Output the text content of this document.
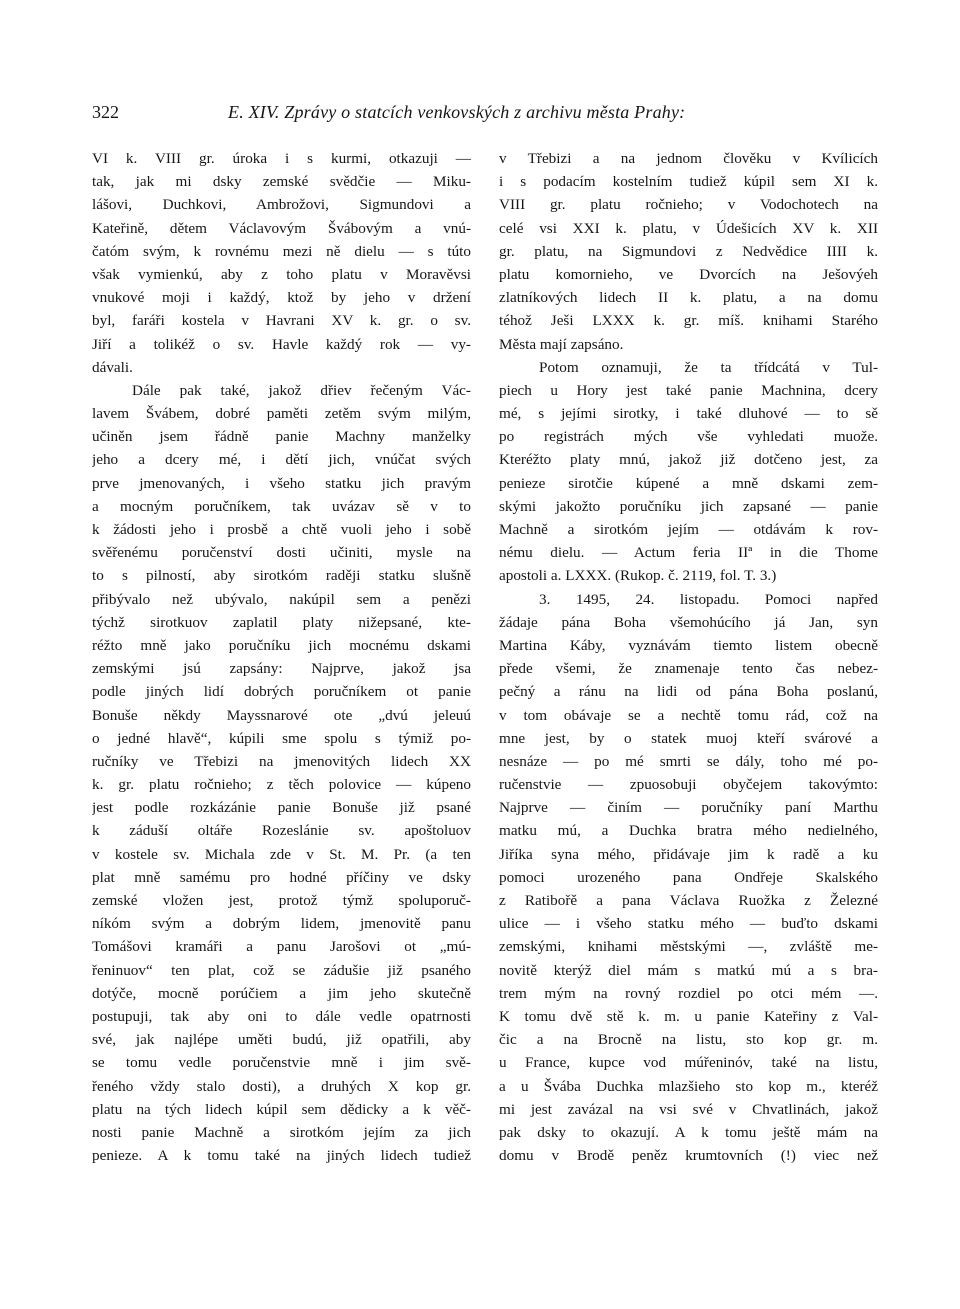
322	E. XIV. Zprávy o statcích venkovských z archivu města Prahy:
VI k. VIII gr. úroka i s kurmi, otkazuji —
tak, jak mi dsky zemské svědčie — Miku-
lášovi, Duchkovi, Ambrožovi, Sigmundovi a
Kateřině, dětem Václavovým Švábovým a vnú-
čatóm svým, k rovnému mezi ně dielu — s túto
však vymienkú, aby z toho platu v Moravěvsi
vnukové moji i každý, ktož by jeho v držení
byl, faráři kostela v Havrani XV k. gr. o sv.
Jiří a tolikéž o sv. Havle každý rok — vy-
dávali.
Dále pak také, jakož dřiev řečeným Vác-
lavem Švábem, dobré paměti zetěm svým milým,
učiněn jsem řádně panie Machny manželky
jeho a dcery mé, i dětí jich, vnúčat svých
prve jmenovaných, i všeho statku jich pravým
a mocným poručníkem, tak uvázav sě v to
k žádosti jeho i prosbě a chtě vuoli jeho i sobě
svěřenému poručenství dosti učiniti, mysle na
to s pilností, aby sirotkóm raději statku slušně
přibývalo než ubývalo, nakúpil sem a penězi
týchž sirotkuov zaplatil platy nižepsané, kte-
réžto mně jako poručníku jich mocnému dskami
zemskými jsú zapsány: Najprve, jakož jsa
podle jiných lidí dobrých poručníkem ot panie
Bonuše někdy Mayssnarové ote „dvú jeleuú
o jedné hlavě“, kúpili sme spolu s týmiž po-
ručníky ve Třebizi na jmenovitých lidech XX
k. gr. platu ročnieho; z těch polovice — kúpeno
jest podle rozkázánie panie Bonuše již psané
k záduší oltáře Rozeslánie sv. apoštoluov
v kostele sv. Michala zde v St. M. Pr. (a ten
plat mně samému pro hodné příčiny ve dsky
zemské vložen jest, protož týmž spoluporuč-
níkóm svým a dobrým lidem, jmenovitě panu
Tomášovi kramáři a panu Jarošovi ot „mú-
řeninuov“ ten plat, což se zádušie již psaného
dotýče, mocně porúčiem a jim jeho skutečně
postupuji, tak aby oni to dále vedle opatrnosti
své, jak najlépe uměti budú, již opatřili, aby
se tomu vedle poručenstvie mně i jim svě-
řeného vždy stalo dosti), a druhých X kop gr.
platu na tých lidech kúpil sem dědicky a k věč-
nosti panie Machně a sirotkóm jejím za jich
penieze. A k tomu také na jiných lidech tudiež
v Třebizi a na jednom člověku v Kvílicích
i s podacím kostelním tudiež kúpil sem XI k.
VIII gr. platu ročnieho; v Vodochotech na
celé vsi XXI k. platu, v Údešicích XV k. XII
gr. platu, na Sigmundovi z Nedvědice IIII k.
platu komornieho, ve Dvorcích na Ješovýeh
zlatníkových lidech II k. platu, a na domu
téhož Ješi LXXX k. gr. míš. knihami Starého
Města mají zapsáno.
Potom oznamuji, že ta třídcátá v Tul-
piech u Hory jest také panie Machnina, dcery
mé, s jejími sirotky, i také dluhové — to sě
po registrách mých vše vyhledati muože.
Kteréžto platy mnú, jakož již dotčeno jest, za
penieze sirotčie kúpené a mně dskami zem-
skými jakožto poručníku jich zapsané — panie
Machně a sirotkóm jejím — otdávám k rov-
nému dielu. — Actum feria IIª in die Thome
apostoli a. LXXX. (Rukop. č. 2119, fol. T. 3.)
3. 1495, 24. listopadu. Pomoci napřed
žádaje pána Boha všemohúcího já Jan, syn
Martina Káby, vyznávám tiemto listem obecně
přede všemi, že znamenaje tento čas nebez-
pečný a ránu na lidi od pána Boha poslanú,
v tom obávaje se a nechtě tomu rád, což na
mne jest, by o statek muoj kteří svárové a
nesnáze — po mé smrti se dály, toho mé po-
ručenstvie — zpuosobuji obyčejem takovýmto:
Najprve — činím — poručníky paní Marthu
matku mú, a Duchka bratra mého nedielného,
Jiříka syna mého, přidávaje jim k radě a ku
pomoci urozeného pana Ondřeje Skalského
z Ratibořě a pana Václava Ruožka z Železné
ulice — i všeho statku mého — buďto dskami
zemskými, knihami městskými —, zvláště me-
novitě kterýž diel mám s matkú mú a s bra-
trem mým na rovný rozdiel po otci mém —.
K tomu dvě stě k. m. u panie Kateřiny z Val-
čic a na Brocně na listu, sto kop gr. m.
u France, kupce vod múřeninóv, také na listu,
a u Švába Duchka mlazšieho sto kop m., kteréž
mi jest zavázal na vsi své v Chvatlinách, jakož
pak dsky to okazují. A k tomu ještě mám na
domu v Brodě peněz krumtovních (!) viec než
